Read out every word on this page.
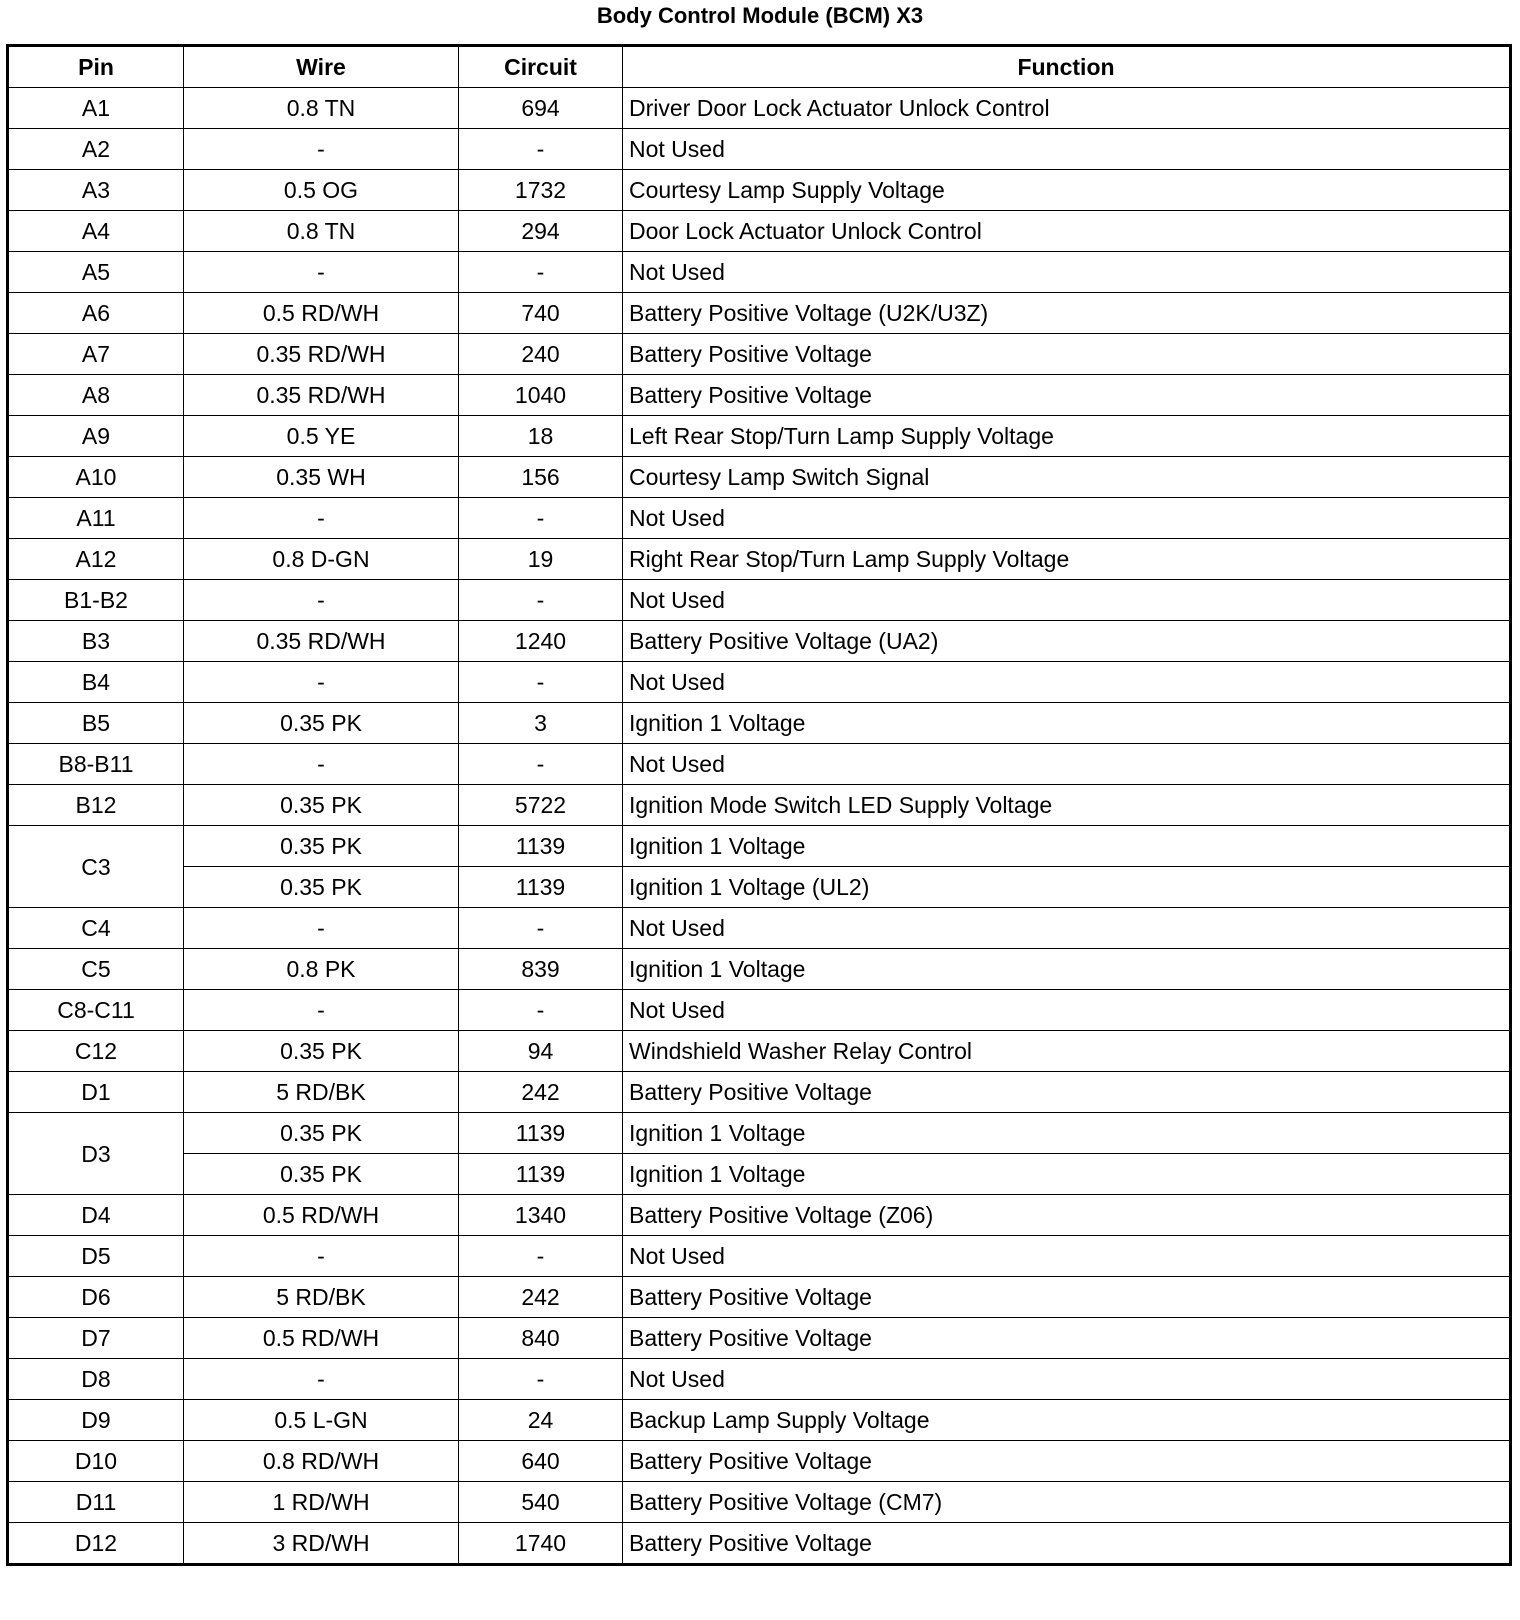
Body Control Module (BCM) X3
Pin	Wire	Circuit	Function
A1	0.8 TN	694	Driver Door Lock Actuator Unlock Control
A2	-	-	Not Used
A3	0.5 OG	1732	Courtesy Lamp Supply Voltage
A4	0.8 TN	294	Door Lock Actuator Unlock Control
A5	-	-	Not Used
A6	0.5 RD/WH	740	Battery Positive Voltage (U2K/U3Z)
A7	0.35 RD/WH	240	Battery Positive Voltage
A8	0.35 RD/WH	1040	Battery Positive Voltage
A9	0.5 YE	18	Left Rear Stop/Turn Lamp Supply Voltage
A10	0.35 WH	156	Courtesy Lamp Switch Signal
A11	-	-	Not Used
A12	0.8 D-GN	19	Right Rear Stop/Turn Lamp Supply Voltage
B1-B2	-	-	Not Used
B3	0.35 RD/WH	1240	Battery Positive Voltage (UA2)
B4	-	-	Not Used
B5	0.35 PK	3	Ignition 1 Voltage
B8-B11	-	-	Not Used
B12	0.35 PK	5722	Ignition Mode Switch LED Supply Voltage
C3	0.35 PK	1139	Ignition 1 Voltage
	0.35 PK	1139	Ignition 1 Voltage (UL2)
C4	-	-	Not Used
C5	0.8 PK	839	Ignition 1 Voltage
C8-C11	-	-	Not Used
C12	0.35 PK	94	Windshield Washer Relay Control
D1	5 RD/BK	242	Battery Positive Voltage
D3	0.35 PK	1139	Ignition 1 Voltage
	0.35 PK	1139	Ignition 1 Voltage
D4	0.5 RD/WH	1340	Battery Positive Voltage (Z06)
D5	-	-	Not Used
D6	5 RD/BK	242	Battery Positive Voltage
D7	0.5 RD/WH	840	Battery Positive Voltage
D8	-	-	Not Used
D9	0.5 L-GN	24	Backup Lamp Supply Voltage
D10	0.8 RD/WH	640	Battery Positive Voltage
D11	1 RD/WH	540	Battery Positive Voltage (CM7)
D12	3 RD/WH	1740	Battery Positive Voltage
